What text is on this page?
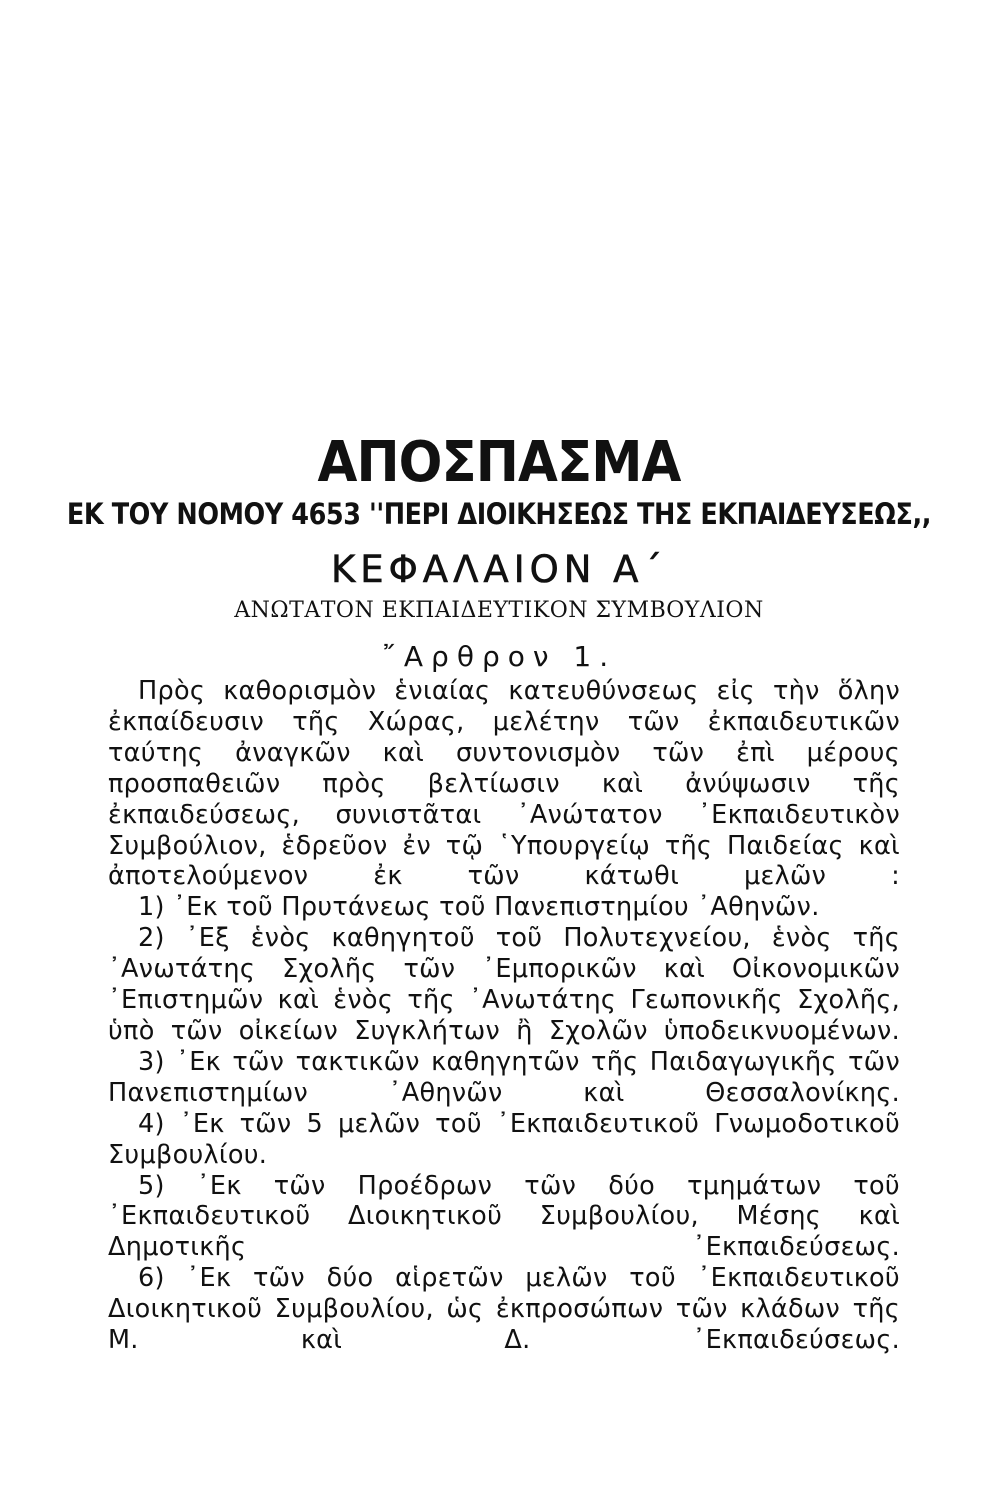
ΑΠΟΣΠΑΣΜΑ
ΕΚ ΤΟΥ ΝΟΜΟΥ 4653 ''ΠΕΡΙ ΔΙΟΙΚΗΣΕΩΣ ΤΗΣ ΕΚΠΑΙΔΕΥΣΕΩΣ,,
ΚΕΦΑΛΑΙΟΝ Α΄
ΑΝΩΤΑΤΟΝ ΕΚΠΑΙΔΕΥΤΙΚΟΝ ΣΥΜΒΟΥΛΙΟΝ
῎Αρθρον 1.

Πρὸς καθορισμὸν ἑνιαίας κατευθύνσεως εἰς τὴν ὅλην ἐκπαίδευσιν τῆς Χώρας, μελέτην τῶν ἐκπαιδευτικῶν ταύτης ἀναγκῶν καὶ συντονισμὸν τῶν ἐπὶ μέρους προσπαθειῶν πρὸς βελτίωσιν καὶ ἀνύψωσιν τῆς ἐκπαιδεύσεως, συνιστᾶται ᾿Ανώτατον ᾿Εκπαιδευτικὸν Συμβούλιον, ἑδρεῦον ἐν τῷ ῾Υπουργείῳ τῆς Παιδείας καὶ ἀποτελούμενον ἐκ τῶν κάτωθι μελῶν :

1) ᾿Εκ τοῦ Πρυτάνεως τοῦ Πανεπιστημίου ᾿Αθηνῶν.

2) ᾿Εξ ἑνὸς καθηγητοῦ τοῦ Πολυτεχνείου, ἑνὸς τῆς ᾿Ανωτάτης Σχολῆς τῶν ᾿Εμπορικῶν καὶ Οἰκονομικῶν ᾿Επιστημῶν καὶ ἑνὸς τῆς ᾿Ανωτάτης Γεωπονικῆς Σχολῆς, ὑπὸ τῶν οἰκείων Συγκλήτων ἢ Σχολῶν ὑποδεικνυομένων.

3) ᾿Εκ τῶν τακτικῶν καθηγητῶν τῆς Παιδαγωγικῆς τῶν Πανεπιστημίων ᾿Αθηνῶν καὶ Θεσσαλονίκης.

4) ᾿Εκ τῶν 5 μελῶν τοῦ ᾿Εκπαιδευτικοῦ Γνωμοδοτικοῦ Συμβουλίου.

5) ᾿Εκ τῶν Προέδρων τῶν δύο τμημάτων τοῦ ᾿Εκπαιδευτικοῦ Διοικητικοῦ Συμβουλίου, Μέσης καὶ Δημοτικῆς ᾿Εκπαιδεύσεως.

6) ᾿Εκ τῶν δύο αἱρετῶν μελῶν τοῦ ᾿Εκπαιδευτικοῦ Διοικητικοῦ Συμβουλίου, ὡς ἐκπροσώπων τῶν κλάδων τῆς Μ. καὶ Δ. ᾿Εκπαιδεύσεως.
